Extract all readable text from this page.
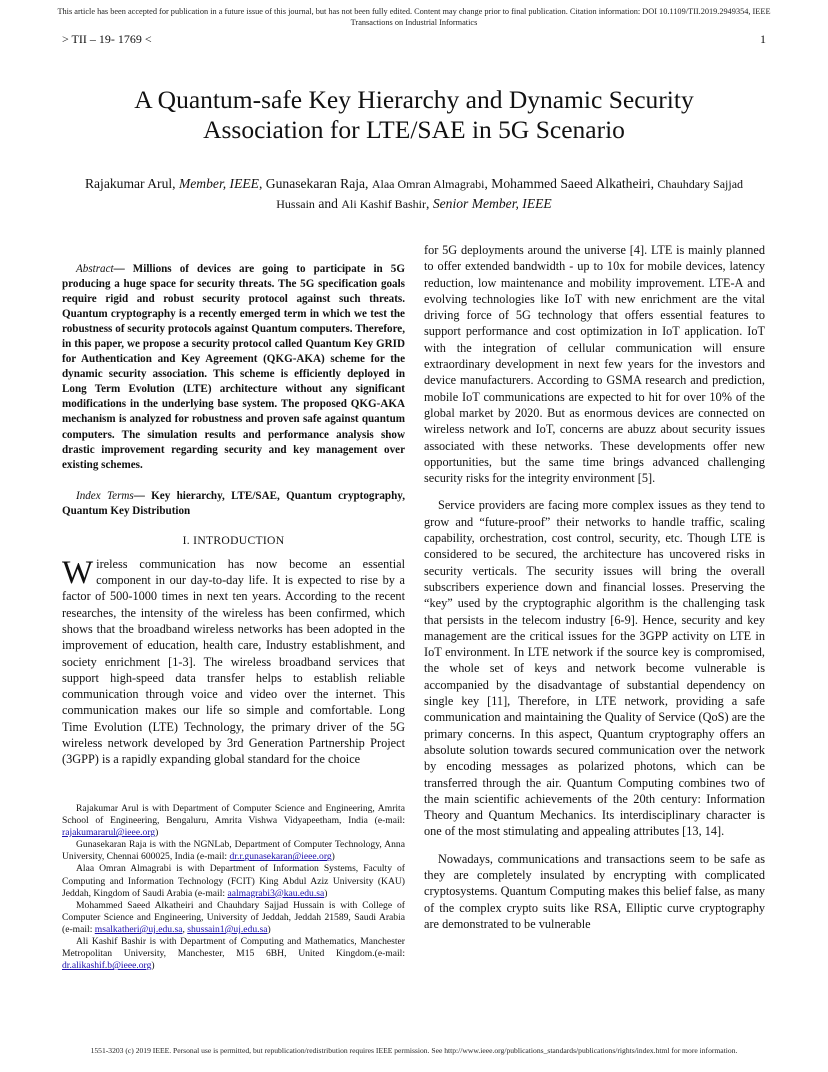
This article has been accepted for publication in a future issue of this journal, but has not been fully edited. Content may change prior to final publication. Citation information: DOI 10.1109/TII.2019.2949354, IEEE
Transactions on Industrial Informatics
> TII – 19- 1769 <	1
A Quantum-safe Key Hierarchy and Dynamic Security
Association for LTE/SAE in 5G Scenario
Rajakumar Arul, Member, IEEE, Gunasekaran Raja, Alaa Omran Almagrabi, Mohammed Saeed Alkatheiri, Chauhdary Sajjad Hussain and Ali Kashif Bashir, Senior Member, IEEE

Abstract— Millions of devices are going to participate in 5G producing a huge space for security threats. The 5G specification goals require rigid and robust security protocol against such threats. Quantum cryptography is a recently emerged term in which we test the robustness of security protocols against Quantum computers. Therefore, in this paper, we propose a security protocol called Quantum Key GRID for Authentication and Key Agreement (QKG-AKA) scheme for the dynamic security association. This scheme is efficiently deployed in Long Term Evolution (LTE) architecture without any significant modifications in the underlying base system. The proposed QKG-AKA mechanism is analyzed for robustness and proven safe against quantum computers. The simulation results and performance analysis show drastic improvement regarding security and key management over existing schemes.

Index Terms— Key hierarchy, LTE/SAE, Quantum cryptography, Quantum Key Distribution

I. INTRODUCTION

Wireless communication has now become an essential component in our day-to-day life. It is expected to rise by a factor of 500-1000 times in next ten years. According to the recent researches, the intensity of the wireless has been confirmed, which shows that the broadband wireless networks has been adopted in the improvement of education, health care, Industry establishment, and society enrichment [1-3]. The wireless broadband services that support high-speed data transfer helps to establish reliable communication through voice and video over the internet. This communication makes our life so simple and comfortable. Long Time Evolution (LTE) Technology, the primary driver of the 5G wireless network developed by 3rd Generation Partnership Project (3GPP) is a rapidly expanding global standard for the choice

Rajakumar Arul is with Department of Computer Science and Engineering, Amrita School of Engineering, Bengaluru, Amrita Vishwa Vidyapeetham, India (e-mail: rajakumararul@ieee.org)

Gunasekaran Raja is with the NGNLab, Department of Computer Technology, Anna University, Chennai 600025, India (e-mail: dr.r.gunasekaran@ieee.org)

Alaa Omran Almagrabi is with Department of Information Systems, Faculty of Computing and Information Technology (FCIT) King Abdul Aziz University (KAU) Jeddah, Kingdom of Saudi Arabia (e-mail: aalmagrabi3@kau.edu.sa)

Mohammed Saeed Alkatheiri and Chauhdary Sajjad Hussain is with College of Computer Science and Engineering, University of Jeddah, Jeddah 21589, Saudi Arabia (e-mail: msalkatheri@uj.edu.sa, shussain1@uj.edu.sa)

Ali Kashif Bashir is with Department of Computing and Mathematics, Manchester Metropolitan University, Manchester, M15 6BH, United Kingdom.(e-mail: dr.alikashif.b@ieee.org)

for 5G deployments around the universe [4]. LTE is mainly planned to offer extended bandwidth - up to 10x for mobile devices, latency reduction, low maintenance and mobility improvement. LTE-A and evolving technologies like IoT with new enrichment are the vital driving force of 5G technology that offers essential features to support performance and cost optimization in IoT application. IoT with the integration of cellular communication will ensure extraordinary development in next few years for the investors and device manufacturers. According to GSMA research and prediction, mobile IoT communications are expected to hit for over 10% of the global market by 2020. But as enormous devices are connected on wireless network and IoT, concerns are abuzz about security issues associated with these networks. These developments offer new opportunities, but the same time brings advanced challenging security risks for the integrity environment [5].

Service providers are facing more complex issues as they tend to grow and “future-proof” their networks to handle traffic, scaling capability, orchestration, cost control, security, etc. Though LTE is considered to be secured, the architecture has uncovered risks in security verticals. The security issues will bring the overall subscribers experience down and financial losses. Preserving the “key” used by the cryptographic algorithm is the challenging task that persists in the telecom industry [6-9]. Hence, security and key management are the critical issues for the 3GPP activity on LTE in IoT environment. In LTE network if the source key is compromised, the whole set of keys and network become vulnerable is accompanied by the disadvantage of substantial dependency on single key [11], Therefore, in LTE network, providing a safe communication and maintaining the Quality of Service (QoS) are the primary concerns. In this aspect, Quantum cryptography offers an absolute solution towards secured communication over the network by encoding messages as polarized photons, which can be transferred through the air. Quantum Computing combines two of the main scientific achievements of the 20th century: Information Theory and Quantum Mechanics. Its interdisciplinary character is one of the most stimulating and appealing attributes [13, 14].

Nowadays, communications and transactions seem to be safe as they are completely insulated by encrypting with complicated cryptosystems. Quantum Computing makes this belief false, as many of the complex crypto suits like RSA, Elliptic curve cryptography are demonstrated to be vulnerable

1551-3203 (c) 2019 IEEE. Personal use is permitted, but republication/redistribution requires IEEE permission. See http://www.ieee.org/publications_standards/publications/rights/index.html for more information.
